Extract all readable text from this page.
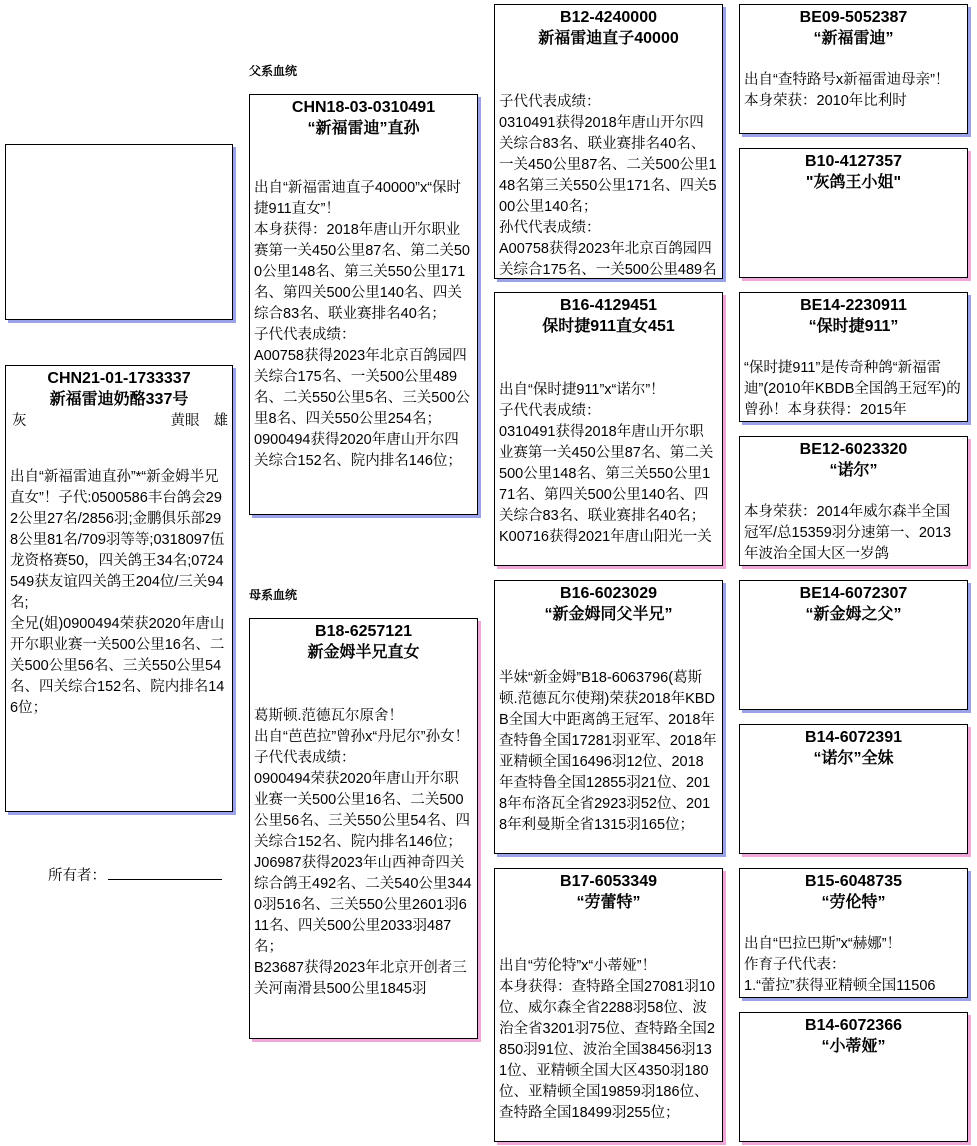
CHN21-01-1733337
新福雷迪奶酪337号
灰	黄眼 雄

出自“新福雷迪直孙”*“新金姆半兄直女”！子代:0500586丰台鸽会292公里27名/2856羽;金鹏俱乐部298公里81名/709羽等等;0318097伍龙资格赛50，四关鸽王34名;0724549获友谊四关鸽王204位/三关94名;

全兄(姐)0900494荣获2020年唐山开尔职业赛一关500公里16名、二关500公里56名、三关550公里54名、四关综合152名、院内排名146位；

所有者：
父系血统
母系血统
CHN18-03-0310491
“新福雷迪”直孙

出自“新福雷迪直子40000”x“保时捷911直女”！

本身获得：2018年唐山开尔职业赛第一关450公里87名、第二关500公里148名、第三关550公里171名、第四关500公里140名、四关综合83名、联业赛排名40名；

子代代表成绩：

A00758获得2023年北京百鸽园四关综合175名、一关500公里489名、二关550公里5名、三关500公里8名、四关550公里254名；

0900494获得2020年唐山开尔四关综合152名、院内排名146位；

B18-6257121
新金姆半兄直女

葛斯顿.范德瓦尔原舍！

出自“芭芭拉”曾孙x“丹尼尔”孙女！

子代代表成绩：

0900494荣获2020年唐山开尔职业赛一关500公里16名、二关500公里56名、三关550公里54名、四关综合152名、院内排名146位；

J06987获得2023年山西神奇四关综合鸽王492名、二关540公里3440羽516名、三关550公里2601羽611名、四关500公里2033羽487名；

B23687获得2023年北京开创者三关河南滑县500公里1845羽

B12-4240000
新福雷迪直子40000

子代代表成绩：

0310491获得2018年唐山开尔四关综合83名、联业赛排名40名、一关450公里87名、二关500公里148名第三关550公里171名、四关500公里140名；

孙代代表成绩：

A00758获得2023年北京百鸽园四关综合175名、一关500公里489名

B16-4129451
保时捷911直女451

出自“保时捷911”x“诺尔”！

子代代表成绩：

0310491获得2018年唐山开尔职业赛第一关450公里87名、第二关500公里148名、第三关550公里171名、第四关500公里140名、四关综合83名、联业赛排名40名；

K00716获得2021年唐山阳光一关

B16-6023029
“新金姆同父半兄”

半妹“新金姆”B18-6063796(葛斯顿.范德瓦尔使翔)荣获2018年KBDB全国大中距离鸽王冠军、2018年查特鲁全国17281羽亚军、2018年亚精顿全国16496羽12位、2018年查特鲁全国12855羽21位、2018年布洛瓦全省2923羽52位、2018年利曼斯全省1315羽165位；

B17-6053349
“劳蕾特”

出自“劳伦特”x“小蒂娅”！

本身获得：查特路全国27081羽10位、威尔森全省2288羽58位、波治全省3201羽75位、查特路全国2850羽91位、波治全国38456羽131位、亚精顿全国大区4350羽180位、亚精顿全国19859羽186位、查特路全国18499羽255位；

BE09-5052387
“新福雷迪”

出自“查特路号x新福雷迪母亲”！

本身荣获：2010年比利时

B10-4127357
"灰鸽王小姐"
BE14-2230911
“保时捷911”

“保时捷911”是传奇种鸽“新福雷迪”(2010年KBDB全国鸽王冠军)的曾孙！本身获得：2015年

BE12-6023320
“诺尔”

本身荣获：2014年威尔森半全国冠军/总15359羽分速第一、2013年波治全国大区一岁鸽

BE14-6072307
“新金姆之父”
B14-6072391
“诺尔”全妹
B15-6048735
“劳伦特”

出自“巴拉巴斯”x“赫娜”！

作育子代代表：

1.“蕾拉”获得亚精顿全国11506

B14-6072366
“小蒂娅”
